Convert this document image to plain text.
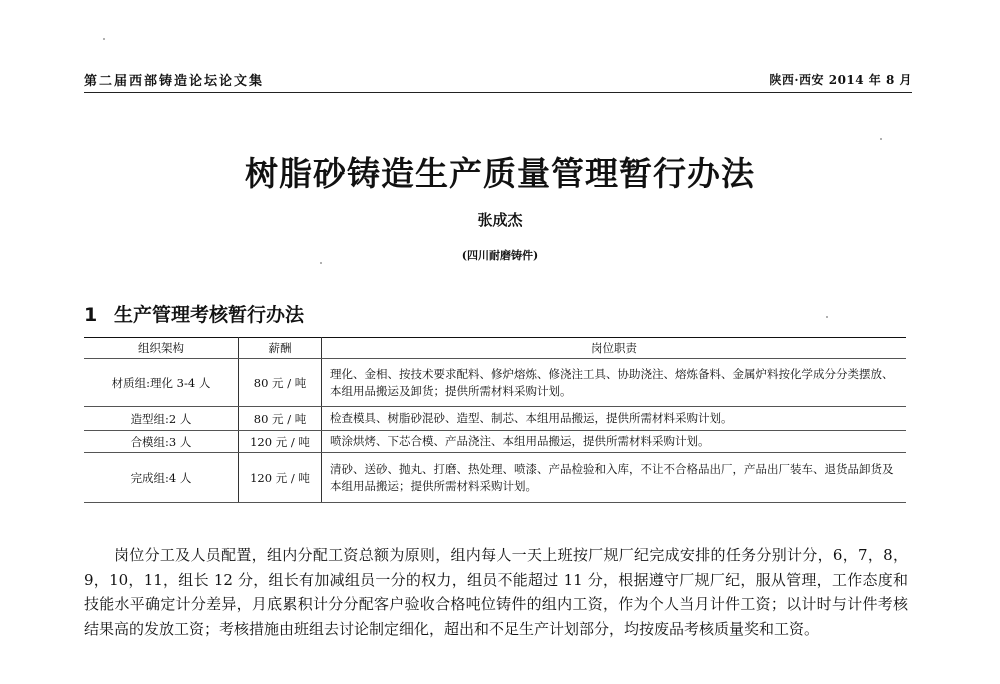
第二届西部铸造论坛论文集	陕西·西安 2014 年 8 月
树脂砂铸造生产质量管理暂行办法
张成杰
(四川耐磨铸件)
1 生产管理考核暂行办法
组织架构	薪酬	岗位职责
材质组:理化 3-4 人	80 元 / 吨	理化、金相、按技术要求配料、修炉熔炼、修浇注工具、协助浇注、熔炼备料、金属炉料按化学成分分类摆放、本组用品搬运及卸货；提供所需材料采购计划。
造型组:2 人	80 元 / 吨	检查模具、树脂砂混砂、造型、制芯、本组用品搬运，提供所需材料采购计划。
合模组:3 人	120 元 / 吨	喷涂烘烤、下芯合模、产品浇注、本组用品搬运，提供所需材料采购计划。
完成组:4 人	120 元 / 吨	清砂、送砂、抛丸、打磨、热处理、喷漆、产品检验和入库，不让不合格品出厂，产品出厂装车、退货品卸货及本组用品搬运；提供所需材料采购计划。

岗位分工及人员配置，组内分配工资总额为原则，组内每人一天上班按厂规厂纪完成安排的任务分别计分，6，7，8，9，10，11，组长 12 分，组长有加减组员一分的权力，组员不能超过 11 分，根据遵守厂规厂纪，服从管理，工作态度和技能水平确定计分差异，月底累积计分分配客户验收合格吨位铸件的组内工资，作为个人当月计件工资；以计时与计件考核结果高的发放工资；考核措施由班组去讨论制定细化，超出和不足生产计划部分，均按废品考核质量奖和工资。
